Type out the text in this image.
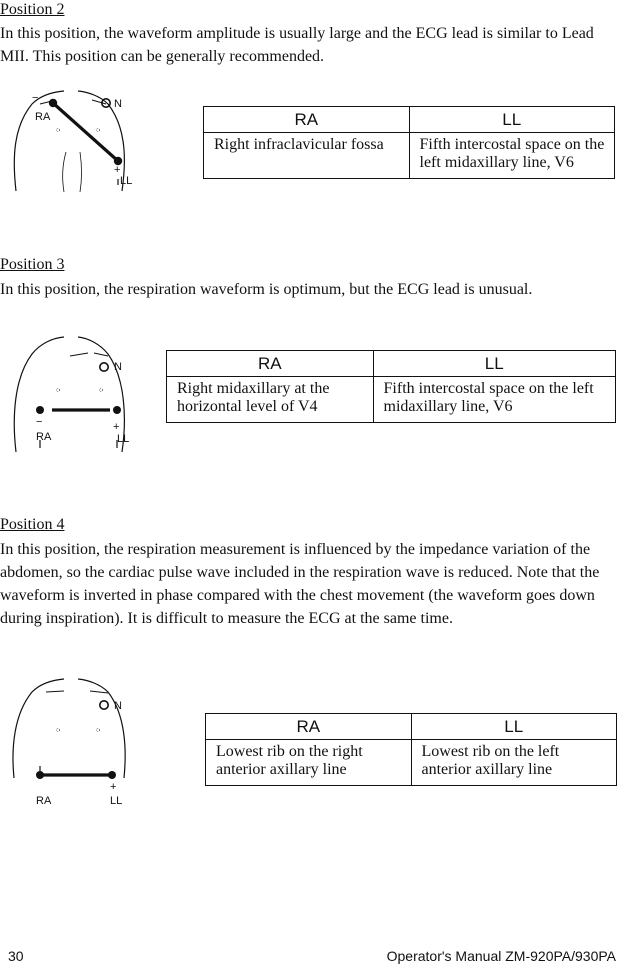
Position 2

In this position, the waveform amplitude is usually large and the ECG lead is similar to Lead MII. This position can be generally recommended.

−
RA
N
+
LL
RA	LL
Right infraclavicular fossa	Fifth intercostal space on the left midaxillary line, V6

Position 3

In this position, the respiration waveform is optimum, but the ECG lead is unusual.

−
RA
N
+
LL
RA	LL
Right midaxillary at the horizontal level of V4	Fifth intercostal space on the left midaxillary line, V6

Position 4

In this position, the respiration measurement is influenced by the impedance variation of the abdomen, so the cardiac pulse wave included in the respiration wave is reduced. Note that the waveform is inverted in phase compared with the chest movement (the waveform goes down during inspiration). It is difficult to measure the ECG at the same time.

−
RA
N
+
LL
RA	LL
Lowest rib on the right anterior axillary line	Lowest rib on the left anterior axillary line
30	Operator's Manual ZM-920PA/930PA
